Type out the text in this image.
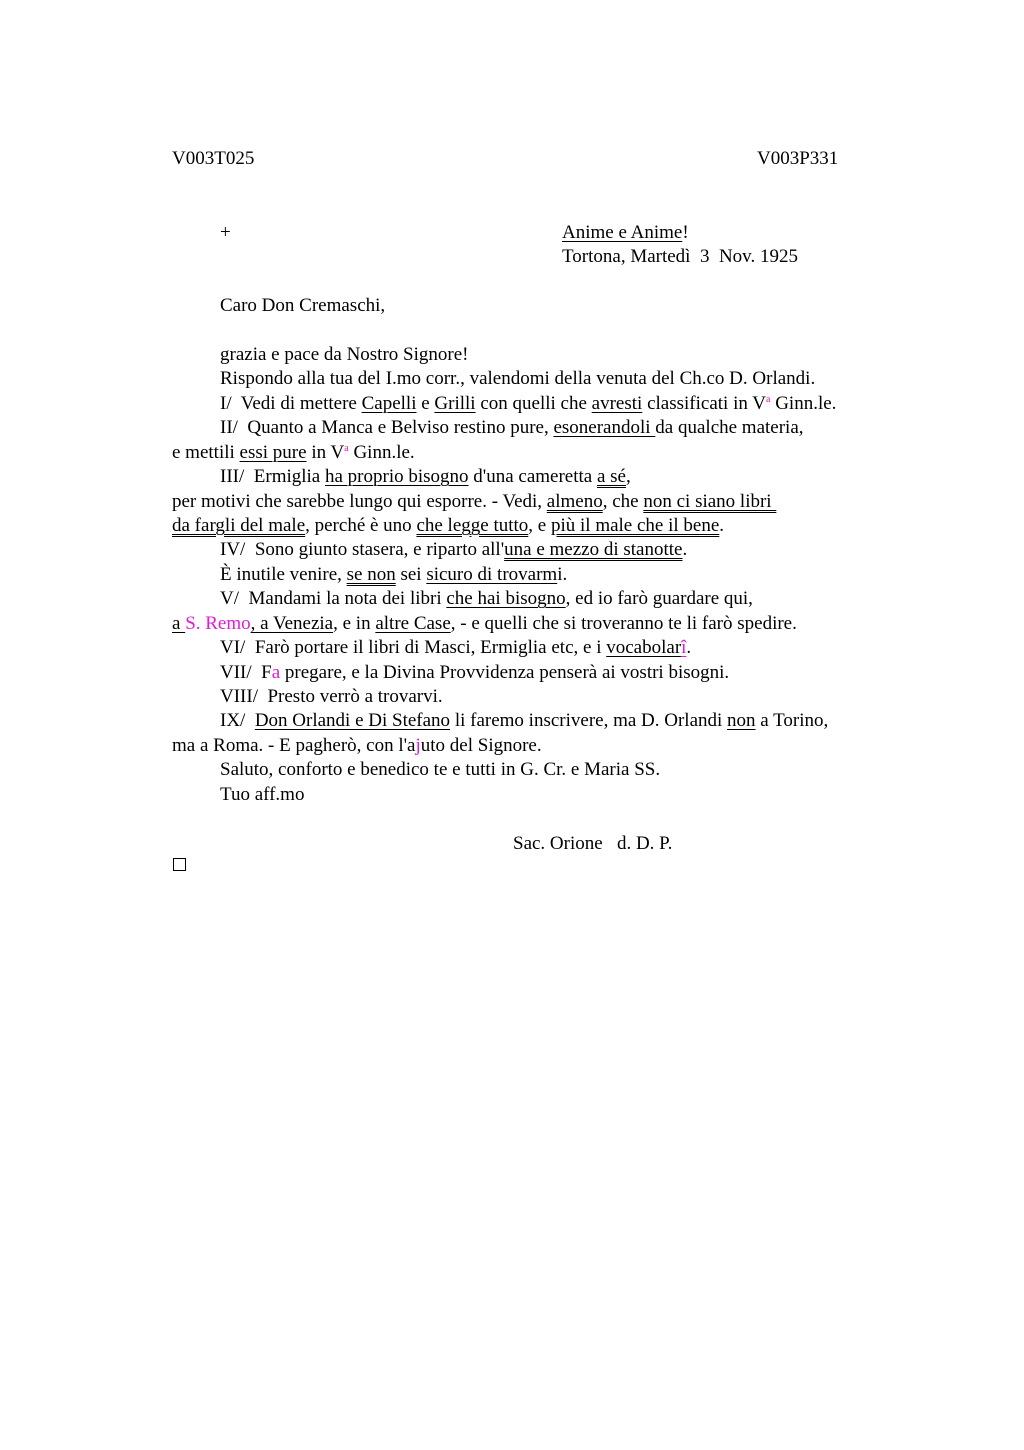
V003T025	V003P331
+	Anime e Anime!
Tortona, Martedì  3  Nov. 1925
Caro Don Cremaschi,
grazia e pace da Nostro Signore!
Rispondo alla tua del I.mo corr., valendomi della venuta del Ch.co D. Orlandi.
I/  Vedi di mettere Capelli e Grilli con quelli che avresti classificati in $V^a$ Ginn.le.
II/  Quanto a Manca e Belviso restino pure, esonerandoli da qualche materia,
e mettili essi pure in $V^a$ Ginn.le.
III/  Ermiglia ha proprio bisogno d'una cameretta a sé,
per motivi che sarebbe lungo qui esporre. - Vedi, almeno, che non ci siano libri
da fargli del male, perché è uno che legge tutto, e più il male che il bene.
IV/  Sono giunto stasera, e riparto all'una e mezzo di stanotte.
È inutile venire, se non sei sicuro di trovarmi.
V/  Mandami la nota dei libri che hai bisogno, ed io farò guardare qui,
a S. Remo, a Venezia, e in altre Case, - e quelli che si troveranno te li farò spedire.
VI/  Farò portare il libri di Masci, Ermiglia etc, e i vocabolarî.
VII/  Fa pregare, e la Divina Provvidenza penserà ai vostri bisogni.
VIII/  Presto verrò a trovarvi.
IX/  Don Orlandi e Di Stefano li faremo inscrivere, ma D. Orlandi non a Torino,
ma a Roma. - E pagherò, con l'ajuto del Signore.
Saluto, conforto e benedico te e tutti in G. Cr. e Maria SS.
Tuo aff.mo
Sac. Orione   d. D. P.
